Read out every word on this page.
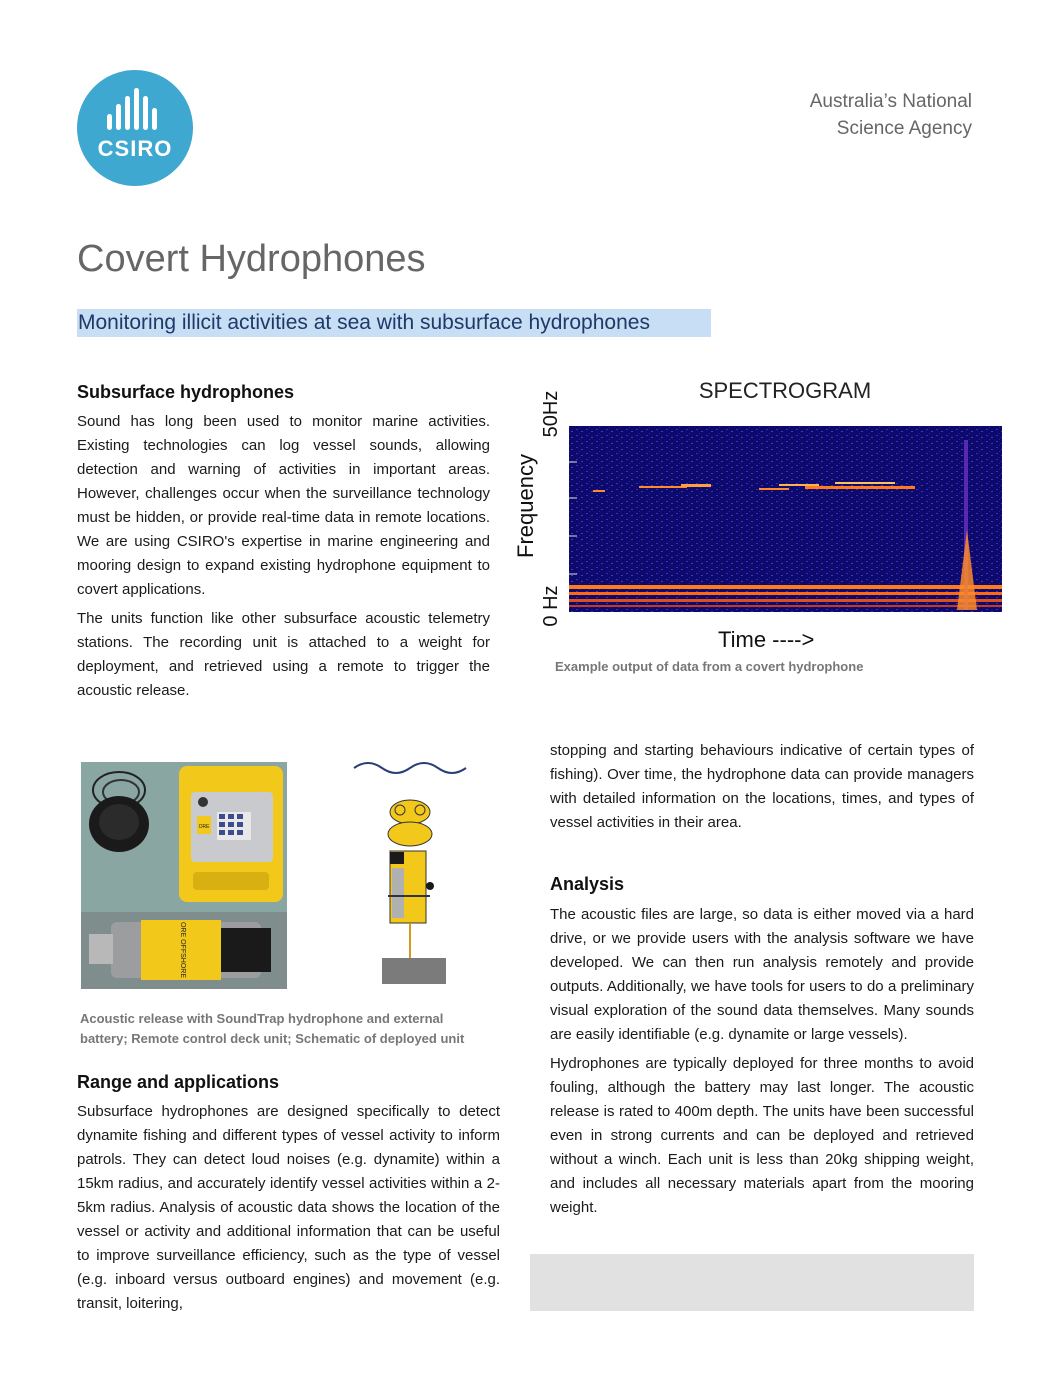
CSIRO
Australia’s National
Science Agency
Covert Hydrophones
Monitoring illicit activities at sea with subsurface hydrophones
Subsurface hydrophones

Sound has long been used to monitor marine activities. Existing technologies can log vessel sounds, allowing detection and warning of activities in important areas. However, challenges occur when the surveillance technology must be hidden, or provide real-time data in remote locations. We are using CSIRO's expertise in marine engineering and mooring design to expand existing hydrophone equipment to covert applications.

The units function like other subsurface acoustic telemetry stations. The recording unit is attached to a weight for deployment, and retrieved using a remote to trigger the acoustic release.

SPECTROGRAM
50Hz
Frequency
0 Hz
Time ---->
Example output of data from a covert hydrophone
ORE
ORE OFFSHORE
Acoustic release with SoundTrap hydrophone and external
battery; Remote control deck unit; Schematic of deployed unit
Range and applications

Subsurface hydrophones are designed specifically to detect dynamite fishing and different types of vessel activity to inform patrols. They can detect loud noises (e.g. dynamite) within a 15km radius, and accurately identify vessel activities within a 2-5km radius. Analysis of acoustic data shows the location of the vessel or activity and additional information that can be useful to improve surveillance efficiency, such as the type of vessel (e.g. inboard versus outboard engines) and movement (e.g. transit, loitering,

stopping and starting behaviours indicative of certain types of fishing). Over time, the hydrophone data can provide managers with detailed information on the locations, times, and types of vessel activities in their area.

Analysis

The acoustic files are large, so data is either moved via a hard drive, or we provide users with the analysis software we have developed. We can then run analysis remotely and provide outputs. Additionally, we have tools for users to do a preliminary visual exploration of the sound data themselves. Many sounds are easily identifiable (e.g. dynamite or large vessels).

Hydrophones are typically deployed for three months to avoid fouling, although the battery may last longer. The acoustic release is rated to 400m depth. The units have been successful even in strong currents and can be deployed and retrieved without a winch. Each unit is less than 20kg shipping weight, and includes all necessary materials apart from the mooring weight.
